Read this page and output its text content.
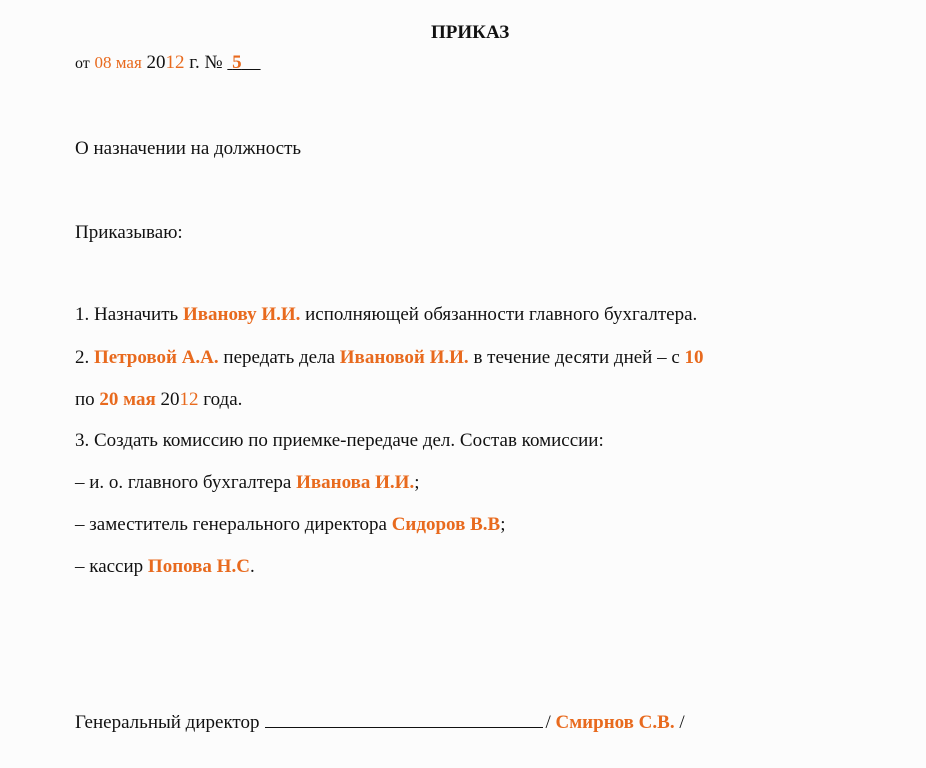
ПРИКАЗ
от 08 мая 2012 г. № 5
О назначении на должность
Приказываю:
1. Назначить Иванову И.И. исполняющей обязанности главного бухгалтера.
2. Петровой А.А. передать дела Ивановой И.И. в течение десяти дней – с 10
по 20 мая 2012 года.
3. Создать комиссию по приемке-передаче дел. Состав комиссии:
– и. о. главного бухгалтера Иванова И.И.;
– заместитель генерального директора Сидоров В.В;
– кассир Попова Н.С.
Генеральный директор	/ Смирнов С.В. /
